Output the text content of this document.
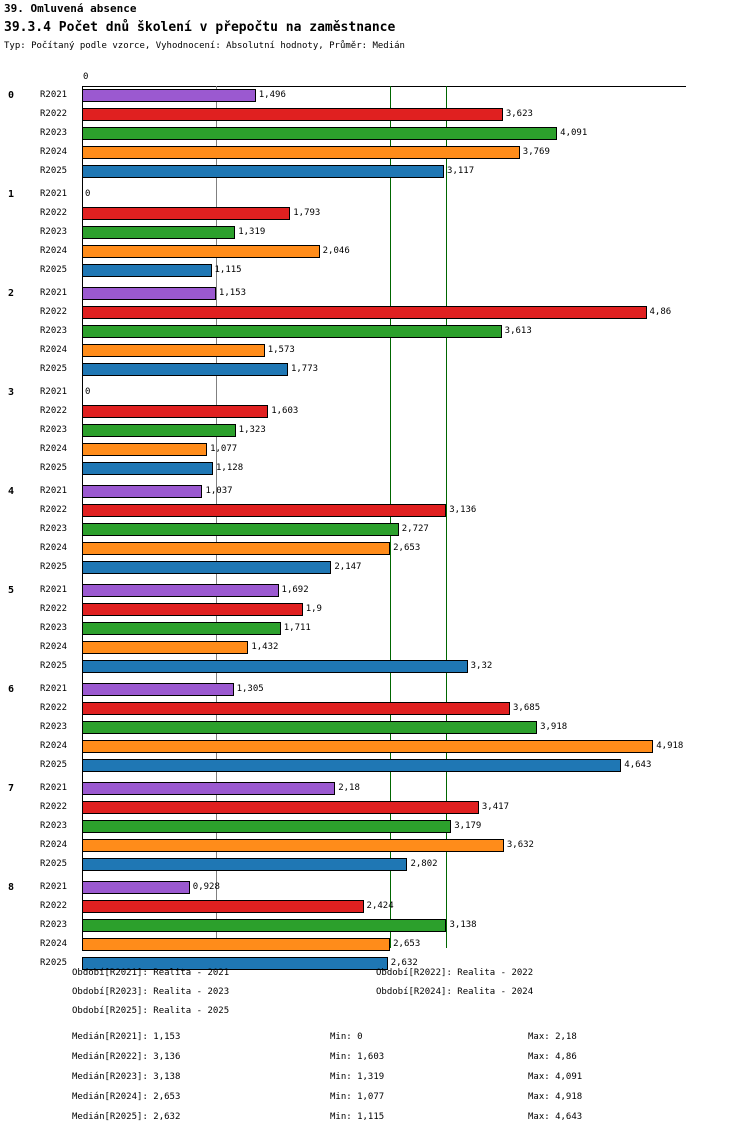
39. Omluvená absence
39.3.4 Počet dnů školení v přepočtu na zaměstnance
Typ: Počítaný podle vzorce, Vyhodnocení: Absolutní hodnoty, Průměr: Medián
0
0	R2021	1,496
R2022	3,623
R2023	4,091
R2024	3,769
R2025	3,117
1	R2021	0
R2022	1,793
R2023	1,319
R2024	2,046
R2025	1,115
2	R2021	1,153
R2022	4,86
R2023	3,613
R2024	1,573
R2025	1,773
3	R2021	0
R2022	1,603
R2023	1,323
R2024	1,077
R2025	1,128
4	R2021	1,037
R2022	3,136
R2023	2,727
R2024	2,653
R2025	2,147
5	R2021	1,692
R2022	1,9
R2023	1,711
R2024	1,432
R2025	3,32
6	R2021	1,305
R2022	3,685
R2023	3,918
R2024	4,918
R2025	4,643
7	R2021	2,18
R2022	3,417
R2023	3,179
R2024	3,632
R2025	2,802
8	R2021	0,928
R2022	2,424
R2023	3,138
R2024	2,653
R2025	2,632
Období[R2021]: Realita - 2021	Období[R2022]: Realita - 2022
Období[R2023]: Realita - 2023	Období[R2024]: Realita - 2024
Období[R2025]: Realita - 2025
Medián[R2021]: 1,153	Min: 0	Max: 2,18
Medián[R2022]: 3,136	Min: 1,603	Max: 4,86
Medián[R2023]: 3,138	Min: 1,319	Max: 4,091
Medián[R2024]: 2,653	Min: 1,077	Max: 4,918
Medián[R2025]: 2,632	Min: 1,115	Max: 4,643
